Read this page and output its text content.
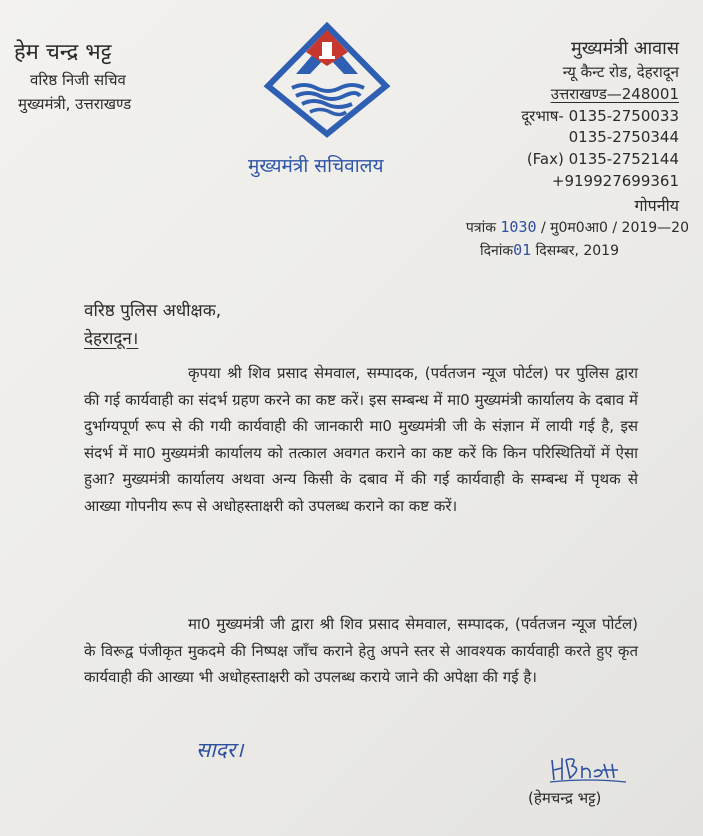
हेम चन्द्र भट्ट

वरिष्ठ निजी सचिव

मुख्यमंत्री, उत्तराखण्ड

मुख्यमंत्री सचिवालय

मुख्यमंत्री आवास

न्यू कैन्ट रोड, देहरादून

उत्तराखण्ड—248001

दूरभाष- 0135-2750033

0135-2750344

(Fax) 0135-2752144

+919927699361

गोपनीय

पत्रांक 1030 / मु0म0आ0 / 2019—20

दिनांक01 दिसम्बर, 2019

वरिष्ठ पुलिस अधीक्षक,

देहरादून।

कृपया श्री शिव प्रसाद सेमवाल, सम्पादक, (पर्वतजन न्यूज पोर्टल) पर पुलिस द्वारा की गई कार्यवाही का संदर्भ ग्रहण करने का कष्ट करें। इस सम्बन्ध में मा0 मुख्यमंत्री कार्यालय के दबाव में दुर्भाग्यपूर्ण रूप से की गयी कार्यवाही की जानकारी मा0 मुख्यमंत्री जी के संज्ञान में लायी गई है, इस संदर्भ में मा0 मुख्यमंत्री कार्यालय को तत्काल अवगत कराने का कष्ट करें कि किन परिस्थितियों में ऐसा हुआ? मुख्यमंत्री कार्यालय अथवा अन्य किसी के दबाव में की गई कार्यवाही के सम्बन्ध में पृथक से आख्या गोपनीय रूप से अधोहस्ताक्षरी को उपलब्ध कराने का कष्ट करें।

मा0 मुख्यमंत्री जी द्वारा श्री शिव प्रसाद सेमवाल, सम्पादक, (पर्वतजन न्यूज पोर्टल) के विरूद्व पंजीकृत मुकदमे की निष्पक्ष जाँच कराने हेतु अपने स्तर से आवश्यक कार्यवाही करते हुए कृत कार्यवाही की आख्या भी अधोहस्ताक्षरी को उपलब्ध कराये जाने की अपेक्षा की गई है।

सादर।

(हेमचन्द्र भट्ट)
